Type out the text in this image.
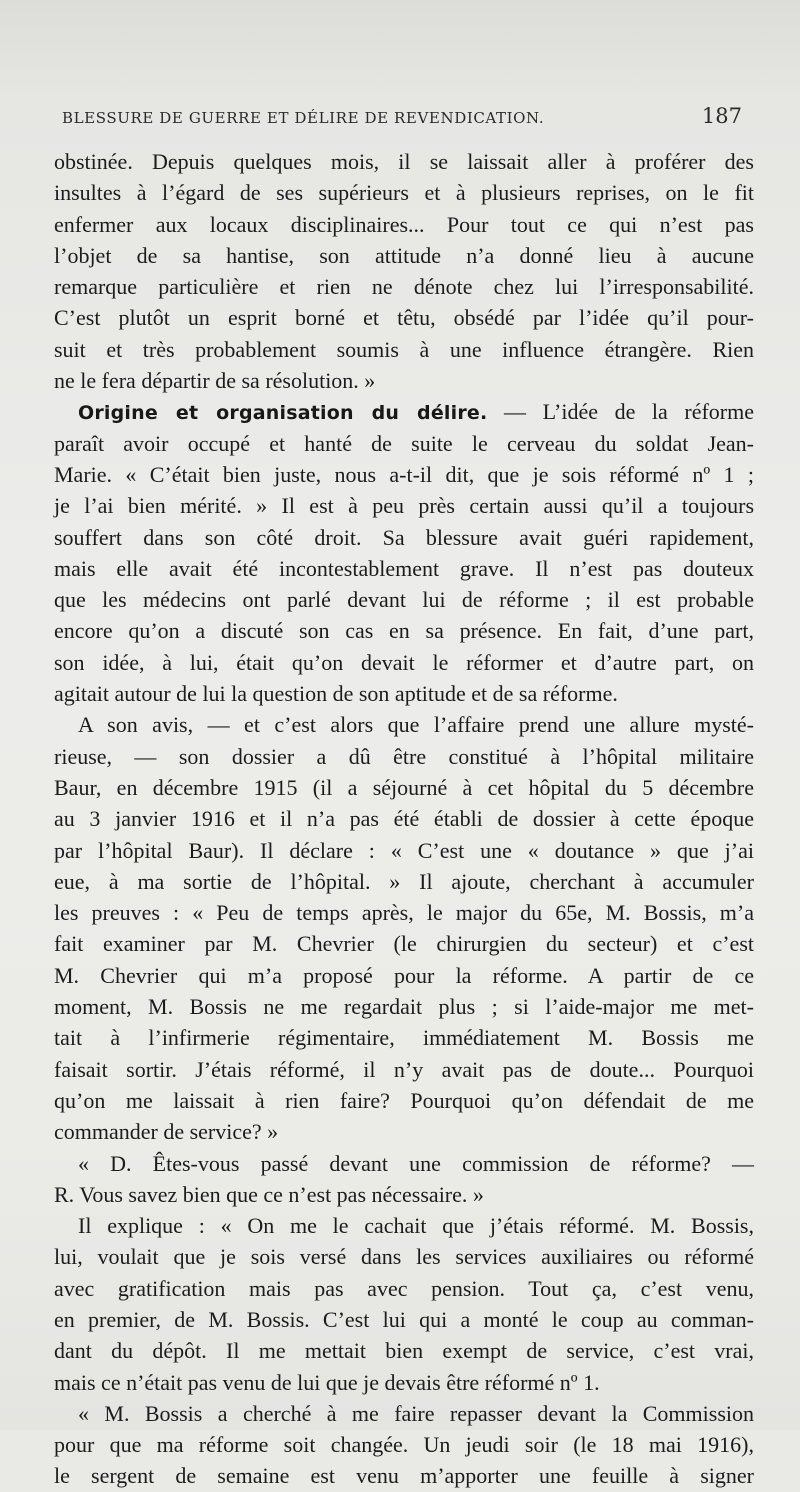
BLESSURE DE GUERRE ET DÉLIRE DE REVENDICATION.	187
obstinée. Depuis quelques mois, il se laissait aller à proférer des
insultes à l’égard de ses supérieurs et à plusieurs reprises, on le fit
enfermer aux locaux disciplinaires... Pour tout ce qui n’est pas
l’objet de sa hantise, son attitude n’a donné lieu à aucune
remarque particulière et rien ne dénote chez lui l’irresponsabilité.
C’est plutôt un esprit borné et têtu, obsédé par l’idée qu’il pour-
suit et très probablement soumis à une influence étrangère. Rien
ne le fera départir de sa résolution. »
Origine et organisation du délire. — L’idée de la réforme
paraît avoir occupé et hanté de suite le cerveau du soldat Jean-
Marie. « C’était bien juste, nous a-t-il dit, que je sois réformé nº 1 ;
je l’ai bien mérité. » Il est à peu près certain aussi qu’il a toujours
souffert dans son côté droit. Sa blessure avait guéri rapidement,
mais elle avait été incontestablement grave. Il n’est pas douteux
que les médecins ont parlé devant lui de réforme ; il est probable
encore qu’on a discuté son cas en sa présence. En fait, d’une part,
son idée, à lui, était qu’on devait le réformer et d’autre part, on
agitait autour de lui la question de son aptitude et de sa réforme.
A son avis, — et c’est alors que l’affaire prend une allure mysté-
rieuse, — son dossier a dû être constitué à l’hôpital militaire
Baur, en décembre 1915 (il a séjourné à cet hôpital du 5 décembre
au 3 janvier 1916 et il n’a pas été établi de dossier à cette époque
par l’hôpital Baur). Il déclare : « C’est une « doutance » que j’ai
eue, à ma sortie de l’hôpital. » Il ajoute, cherchant à accumuler
les preuves : « Peu de temps après, le major du 65e, M. Bossis, m’a
fait examiner par M. Chevrier (le chirurgien du secteur) et c’est
M. Chevrier qui m’a proposé pour la réforme. A partir de ce
moment, M. Bossis ne me regardait plus ; si l’aide-major me met-
tait à l’infirmerie régimentaire, immédiatement M. Bossis me
faisait sortir. J’étais réformé, il n’y avait pas de doute... Pourquoi
qu’on me laissait à rien faire? Pourquoi qu’on défendait de me
commander de service? »
« D. Êtes-vous passé devant une commission de réforme? —
R. Vous savez bien que ce n’est pas nécessaire. »
Il explique : « On me le cachait que j’étais réformé. M. Bossis,
lui, voulait que je sois versé dans les services auxiliaires ou réformé
avec gratification mais pas avec pension. Tout ça, c’est venu,
en premier, de M. Bossis. C’est lui qui a monté le coup au comman-
dant du dépôt. Il me mettait bien exempt de service, c’est vrai,
mais ce n’était pas venu de lui que je devais être réformé nº 1.
« M. Bossis a cherché à me faire repasser devant la Commission
pour que ma réforme soit changée. Un jeudi soir (le 18 mai 1916),
le sergent de semaine est venu m’apporter une feuille à signer
